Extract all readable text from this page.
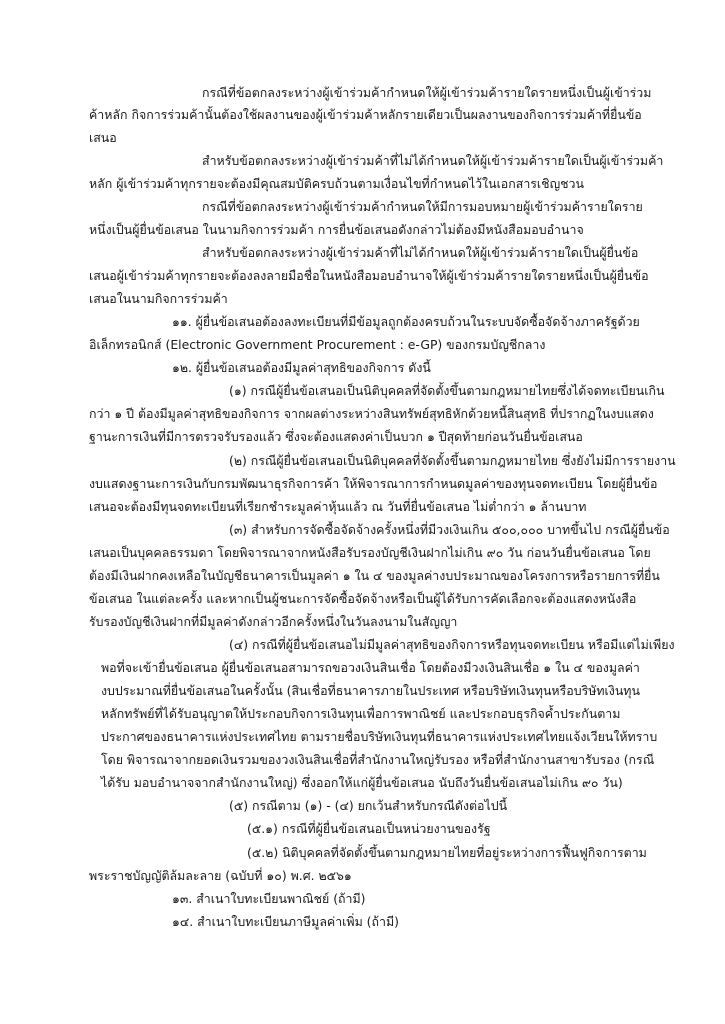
กรณีที่ข้อตกลงระหว่างผู้เข้าร่วมค้ากำหนดให้ผู้เข้าร่วมค้ารายใดรายหนึ่งเป็นผู้เข้าร่วม
ค้าหลัก กิจการร่วมค้านั้นต้องใช้ผลงานของผู้เข้าร่วมค้าหลักรายเดียวเป็นผลงานของกิจการร่วมค้าที่ยื่นข้อ
เสนอ
สำหรับข้อตกลงระหว่างผู้เข้าร่วมค้าที่ไม่ได้กำหนดให้ผู้เข้าร่วมค้ารายใดเป็นผู้เข้าร่วมค้า
หลัก ผู้เข้าร่วมค้าทุกรายจะต้องมีคุณสมบัติครบถ้วนตามเงื่อนไขที่กำหนดไว้ในเอกสารเชิญชวน
กรณีที่ข้อตกลงระหว่างผู้เข้าร่วมค้ากำหนดให้มีการมอบหมายผู้เข้าร่วมค้ารายใดราย
หนึ่งเป็นผู้ยื่นข้อเสนอ ในนามกิจการร่วมค้า การยื่นข้อเสนอดังกล่าวไม่ต้องมีหนังสือมอบอำนาจ
สำหรับข้อตกลงระหว่างผู้เข้าร่วมค้าที่ไม่ได้กำหนดให้ผู้เข้าร่วมค้ารายใดเป็นผู้ยื่นข้อ
เสนอผู้เข้าร่วมค้าทุกรายจะต้องลงลายมือชื่อในหนังสือมอบอำนาจให้ผู้เข้าร่วมค้ารายใดรายหนึ่งเป็นผู้ยื่นข้อ
เสนอในนามกิจการร่วมค้า
๑๑. ผู้ยื่นข้อเสนอต้องลงทะเบียนที่มีข้อมูลถูกต้องครบถ้วนในระบบจัดซื้อจัดจ้างภาครัฐด้วย
อิเล็กทรอนิกส์ (Electronic Government Procurement : e-GP) ของกรมบัญชีกลาง
๑๒. ผู้ยื่นข้อเสนอต้องมีมูลค่าสุทธิของกิจการ ดังนี้
(๑) กรณีผู้ยื่นข้อเสนอเป็นนิติบุคคลที่จัดตั้งขึ้นตามกฎหมายไทยซึ่งได้จดทะเบียนเกิน
กว่า ๑ ปี ต้องมีมูลค่าสุทธิของกิจการ จากผลต่างระหว่างสินทรัพย์สุทธิหักด้วยหนี้สินสุทธิ ที่ปรากฏในงบแสดง
ฐานะการเงินที่มีการตรวจรับรองแล้ว ซึ่งจะต้องแสดงค่าเป็นบวก ๑ ปีสุดท้ายก่อนวันยื่นข้อเสนอ
(๒) กรณีผู้ยื่นข้อเสนอเป็นนิติบุคคลที่จัดตั้งขึ้นตามกฎหมายไทย ซึ่งยังไม่มีการรายงาน
งบแสดงฐานะการเงินกับกรมพัฒนาธุรกิจการค้า ให้พิจารณาการกำหนดมูลค่าของทุนจดทะเบียน โดยผู้ยื่นข้อ
เสนอจะต้องมีทุนจดทะเบียนที่เรียกชำระมูลค่าหุ้นแล้ว ณ วันที่ยื่นข้อเสนอ ไม่ต่ำกว่า ๑ ล้านบาท
(๓) สำหรับการจัดซื้อจัดจ้างครั้งหนึ่งที่มีวงเงินเกิน ๕๐๐,๐๐๐ บาทขึ้นไป กรณีผู้ยื่นข้อ
เสนอเป็นบุคคลธรรมดา โดยพิจารณาจากหนังสือรับรองบัญชีเงินฝากไม่เกิน ๙๐ วัน ก่อนวันยื่นข้อเสนอ โดย
ต้องมีเงินฝากคงเหลือในบัญชีธนาคารเป็นมูลค่า ๑ ใน ๔ ของมูลค่างบประมาณของโครงการหรือรายการที่ยื่น
ข้อเสนอ ในแต่ละครั้ง และหากเป็นผู้ชนะการจัดซื้อจัดจ้างหรือเป็นผู้ได้รับการคัดเลือกจะต้องแสดงหนังสือ
รับรองบัญชีเงินฝากที่มีมูลค่าดังกล่าวอีกครั้งหนึ่งในวันลงนามในสัญญา
(๔) กรณีที่ผู้ยื่นข้อเสนอไม่มีมูลค่าสุทธิของกิจการหรือทุนจดทะเบียน หรือมีแต่ไม่เพียง
พอที่จะเข้ายื่นข้อเสนอ ผู้ยื่นข้อเสนอสามารถขอวงเงินสินเชื่อ โดยต้องมีวงเงินสินเชื่อ ๑ ใน ๔ ของมูลค่า
งบประมาณที่ยื่นข้อเสนอในครั้งนั้น (สินเชื่อที่ธนาคารภายในประเทศ หรือบริษัทเงินทุนหรือบริษัทเงินทุน
หลักทรัพย์ที่ได้รับอนุญาตให้ประกอบกิจการเงินทุนเพื่อการพาณิชย์ และประกอบธุรกิจค้ำประกันตาม
ประกาศของธนาคารแห่งประเทศไทย ตามรายชื่อบริษัทเงินทุนที่ธนาคารแห่งประเทศไทยแจ้งเวียนให้ทราบ
โดย พิจารณาจากยอดเงินรวมของวงเงินสินเชื่อที่สำนักงานใหญ่รับรอง หรือที่สำนักงานสาขารับรอง (กรณี
ได้รับ มอบอำนาจจากสำนักงานใหญ่) ซึ่งออกให้แก่ผู้ยื่นข้อเสนอ นับถึงวันยื่นข้อเสนอไม่เกิน ๙๐ วัน)
(๕) กรณีตาม (๑) - (๔) ยกเว้นสำหรับกรณีดังต่อไปนี้
(๕.๑) กรณีที่ผู้ยื่นข้อเสนอเป็นหน่วยงานของรัฐ
(๕.๒) นิติบุคคลที่จัดตั้งขึ้นตามกฎหมายไทยที่อยู่ระหว่างการฟื้นฟูกิจการตาม
พระราชบัญญัติล้มละลาย (ฉบับที่ ๑๐) พ.ศ. ๒๕๖๑
๑๓. สำเนาใบทะเบียนพาณิชย์ (ถ้ามี)
๑๔. สำเนาใบทะเบียนภาษีมูลค่าเพิ่ม (ถ้ามี)
